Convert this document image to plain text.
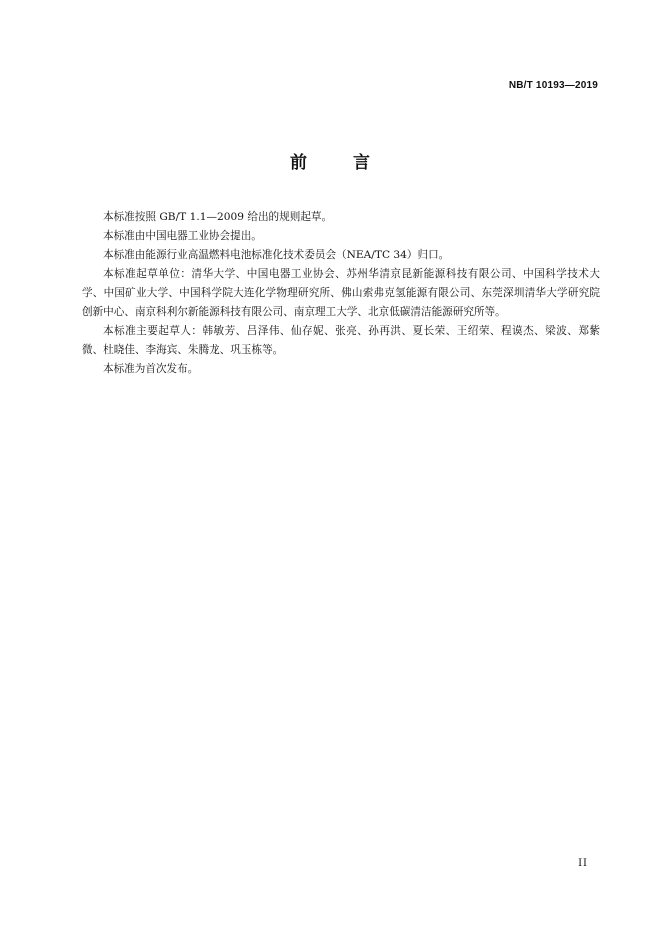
NB/T 10193—2019
前	言

本标准按照 GB/T 1.1—2009 给出的规则起草。

本标准由中国电器工业协会提出。

本标准由能源行业高温燃料电池标准化技术委员会（NEA/TC 34）归口。

本标准起草单位：清华大学、中国电器工业协会、苏州华清京昆新能源科技有限公司、中国科学技术大学、中国矿业大学、中国科学院大连化学物理研究所、佛山索弗克氢能源有限公司、东莞深圳清华大学研究院创新中心、南京科利尔新能源科技有限公司、南京理工大学、北京低碳清洁能源研究所等。

本标准主要起草人：韩敏芳、吕泽伟、仙存妮、张亮、孙再洪、夏长荣、王绍荣、程谟杰、梁波、郑紫微、杜晓佳、李海宾、朱腾龙、巩玉栋等。

本标准为首次发布。

II
